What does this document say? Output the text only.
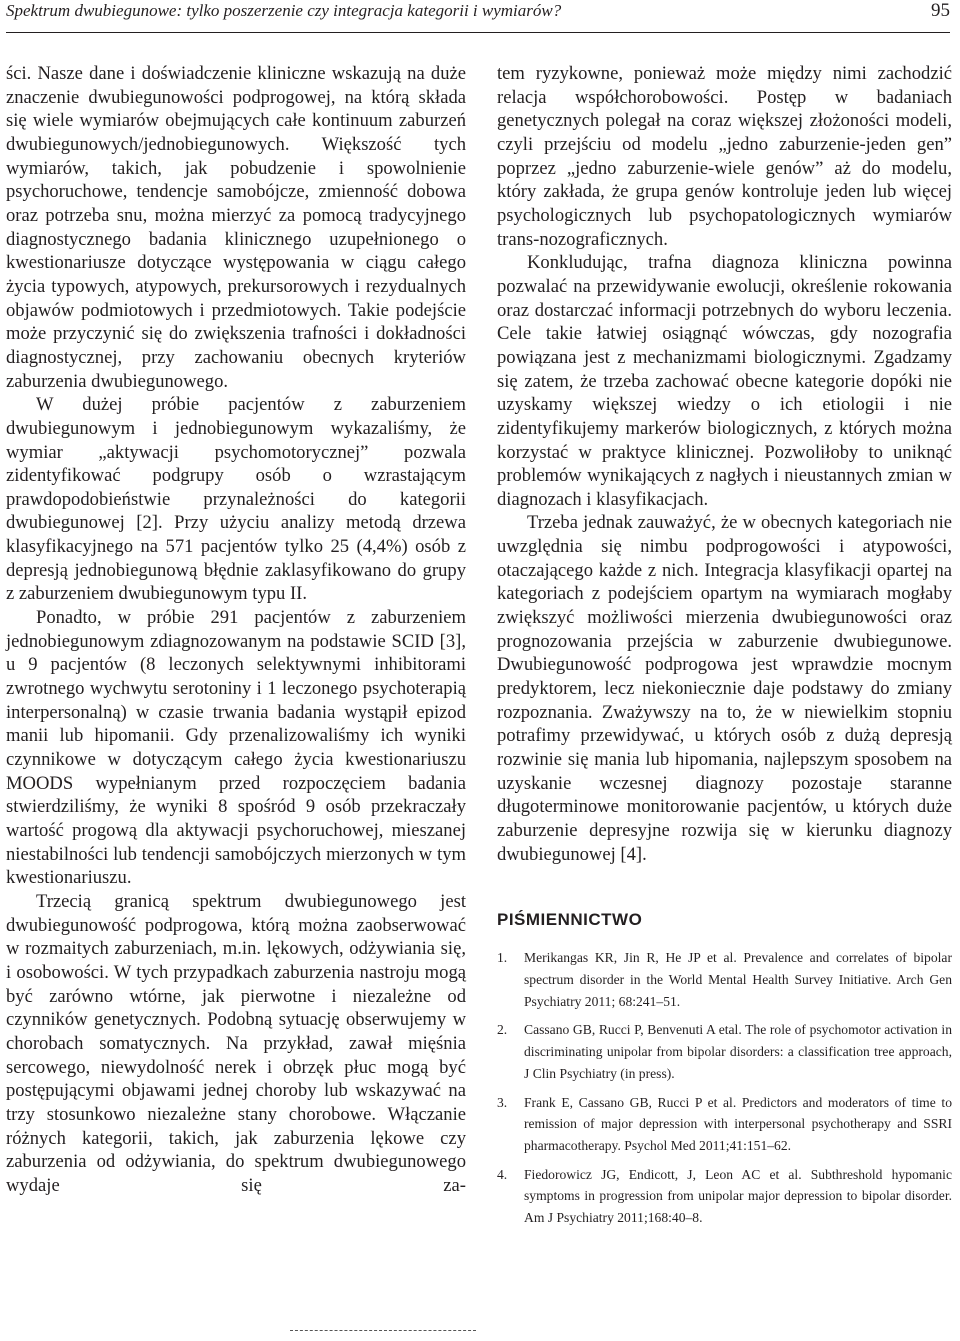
Spektrum dwubiegunowe: tylko poszerzenie czy integracja kategorii i wymiarów?	95

ści. Nasze dane i doświadczenie kliniczne wskazują na duże znaczenie dwubiegunowości podprogowej, na którą składa się wiele wymiarów obejmujących całe kontinuum zaburzeń dwubiegunowych/jednobiegunowych. Większość tych wymiarów, takich, jak pobudzenie i spowolnienie psychoruchowe, tendencje samobójcze, zmienność dobowa oraz potrzeba snu, można mierzyć za pomocą tradycyjnego diagnostycznego badania klinicznego uzupełnionego o kwestionariusze dotyczące występowania w ciągu całego życia typowych, atypowych, prekursorowych i rezydualnych objawów podmiotowych i przedmiotowych. Takie podejście może przyczynić się do zwiększenia trafności i dokładności diagnostycznej, przy zachowaniu obecnych kryteriów zaburzenia dwubiegunowego.

W dużej próbie pacjentów z zaburzeniem dwubiegunowym i jednobiegunowym wykazaliśmy, że wymiar „aktywacji psychomotorycznej” pozwala zidentyfikować podgrupy osób o wzrastającym prawdopodobieństwie przynależności do kategorii dwubiegunowej [2]. Przy użyciu analizy metodą drzewa klasyfikacyjnego na 571 pacjentów tylko 25 (4,4%) osób z depresją jednobiegunową błędnie zaklasyfikowano do grupy z zaburzeniem dwubiegunowym typu II.

Ponadto, w próbie 291 pacjentów z zaburzeniem jednobiegunowym zdiagnozowanym na podstawie SCID [3], u 9 pacjentów (8 leczonych selektywnymi inhibitorami zwrotnego wychwytu serotoniny i 1 leczonego psychoterapią interpersonalną) w czasie trwania badania wystąpił epizod manii lub hipomanii. Gdy przenalizowaliśmy ich wyniki czynnikowe w dotyczącym całego życia kwestionariuszu MOODS wypełnianym przed rozpoczęciem badania stwierdziliśmy, że wyniki 8 spośród 9 osób przekraczały wartość progową dla aktywacji psychoruchowej, mieszanej niestabilności lub tendencji samobójczych mierzonych w tym kwestionariuszu.

Trzecią granicą spektrum dwubiegunowego jest dwubiegunowość podprogowa, którą można zaobserwować w rozmaitych zaburzeniach, m.in. lękowych, odżywiania się, i osobowości. W tych przypadkach zaburzenia nastroju mogą być zarówno wtórne, jak pierwotne i niezależne od czynników genetycznych. Podobną sytuację obserwujemy w chorobach somatycznych. Na przykład, zawał mięśnia sercowego, niewydolność nerek i obrzęk płuc mogą być postępującymi objawami jednej choroby lub wskazywać na trzy stosunkowo niezależne stany chorobowe. Włączanie różnych kategorii, takich, jak zaburzenia lękowe czy zaburzenia od odżywiania, do spektrum dwubiegunowego wydaje się za-

tem ryzykowne, ponieważ może między nimi zachodzić relacja współchorobowości. Postęp w badaniach genetycznych polegał na coraz większej złożoności modeli, czyli przejściu od modelu „jedno zaburzenie-jeden gen” poprzez „jedno zaburzenie-wiele genów” aż do modelu, który zakłada, że grupa genów kontroluje jeden lub więcej psychologicznych lub psychopatologicznych wymiarów trans-nozograficznych.

Konkludując, trafna diagnoza kliniczna powinna pozwalać na przewidywanie ewolucji, określenie rokowania oraz dostarczać informacji potrzebnych do wyboru leczenia. Cele takie łatwiej osiągnąć wówczas, gdy nozografia powiązana jest z mechanizmami biologicznymi. Zgadzamy się zatem, że trzeba zachować obecne kategorie dopóki nie uzyskamy większej wiedzy o ich etiologii i nie zidentyfikujemy markerów biologicznych, z których można korzystać w praktyce klinicznej. Pozwoliłoby to uniknąć problemów wynikających z nagłych i nieustannych zmian w diagnozach i klasyfikacjach.

Trzeba jednak zauważyć, że w obecnych kategoriach nie uwzględnia się nimbu podprogowości i atypowości, otaczającego każde z nich. Integracja klasyfikacji opartej na kategoriach z podejściem opartym na wymiarach mogłaby zwiększyć możliwości mierzenia dwubiegunowości oraz prognozowania przejścia w zaburzenie dwubiegunowe. Dwubiegunowość podprogowa jest wprawdzie mocnym predyktorem, lecz niekoniecznie daje podstawy do zmiany rozpoznania. Zważywszy na to, że w niewielkim stopniu potrafimy przewidywać, u których osób z dużą depresją rozwinie się mania lub hipomania, najlepszym sposobem na uzyskanie wczesnej diagnozy pozostaje staranne długoterminowe monitorowanie pacjentów, u których duże zaburzenie depresyjne rozwija się w kierunku diagnozy dwubiegunowej [4].

PIŚMIENNICTWO
1. Merikangas KR, Jin R, He JP et al. Prevalence and correlates of bipolar spectrum disorder in the World Mental Health Survey Initiative. Arch Gen Psychiatry 2011; 68:241–51.
2. Cassano GB, Rucci P, Benvenuti A etal. The role of psychomotor activation in discriminating unipolar from bipolar disorders: a classification tree approach, J Clin Psychiatry (in press).
3. Frank E, Cassano GB, Rucci P et al. Predictors and moderators of time to remission of major depression with interpersonal psychotherapy and SSRI pharmacotherapy. Psychol Med 2011;41:151–62.
4. Fiedorowicz JG, Endicott, J, Leon AC et al. Subthreshold hypomanic symptoms in progression from unipolar major depression to bipolar disorder. Am J Psychiatry 2011;168:40–8.
